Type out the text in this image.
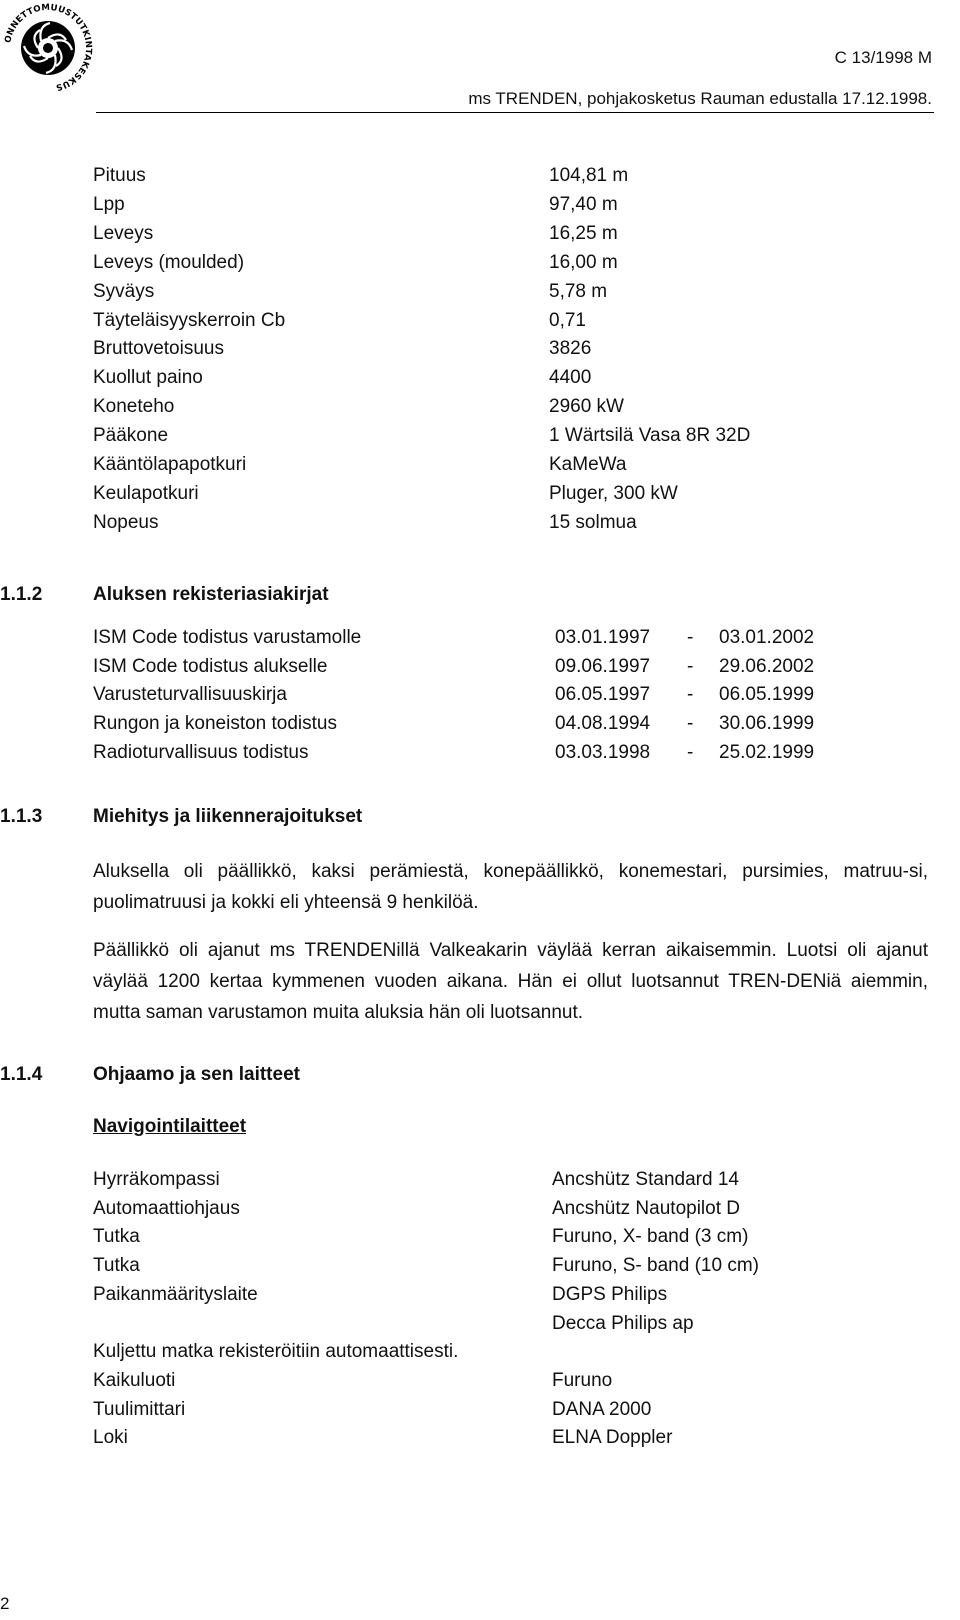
ONNETTOMUUSTUTKINTAKESKUS
C 13/1998 M
ms TRENDEN, pohjakosketus Rauman edustalla 17.12.1998.
Pituus	104,81 m
Lpp	97,40 m
Leveys	16,25 m
Leveys (moulded)	16,00 m
Syväys	5,78 m
Täyteläisyyskerroin Cb	0,71
Bruttovetoisuus	3826
Kuollut paino	4400
Koneteho	2960 kW
Pääkone	1 Wärtsilä Vasa 8R 32D
Kääntölapapotkuri	KaMeWa
Keulapotkuri	Pluger, 300 kW
Nopeus	15 solmua
1.1.2	Aluksen rekisteriasiakirjat
ISM Code todistus varustamolle	03.01.1997 - 03.01.2002
ISM Code todistus alukselle	09.06.1997 - 29.06.2002
Varusteturvallisuuskirja	06.05.1997 - 06.05.1999
Rungon ja koneiston todistus	04.08.1994 - 30.06.1999
Radioturvallisuus todistus	03.03.1998 - 25.02.1999
1.1.3	Miehitys ja liikennerajoitukset
Aluksella oli päällikkö, kaksi perämiestä, konepäällikkö, konemestari, pursimies, matruu-si, puolimatruusi ja kokki eli yhteensä 9 henkilöä.
Päällikkö oli ajanut ms TRENDENillä Valkeakarin väylää kerran aikaisemmin. Luotsi oli ajanut väylää 1200 kertaa kymmenen vuoden aikana. Hän ei ollut luotsannut TREN-DENiä aiemmin, mutta saman varustamon muita aluksia hän oli luotsannut.
1.1.4	Ohjaamo ja sen laitteet
Navigointilaitteet
Hyrräkompassi	Ancshütz Standard 14
Automaattiohjaus	Ancshütz Nautopilot D
Tutka	Furuno, X- band (3 cm)
Tutka	Furuno, S- band (10 cm)
Paikanmäärityslaite	DGPS Philips
Decca Philips ap
Kuljettu matka rekisteröitiin automaattisesti.
Kaikuluoti	Furuno
Tuulimittari	DANA 2000
Loki	ELNA Doppler
2
